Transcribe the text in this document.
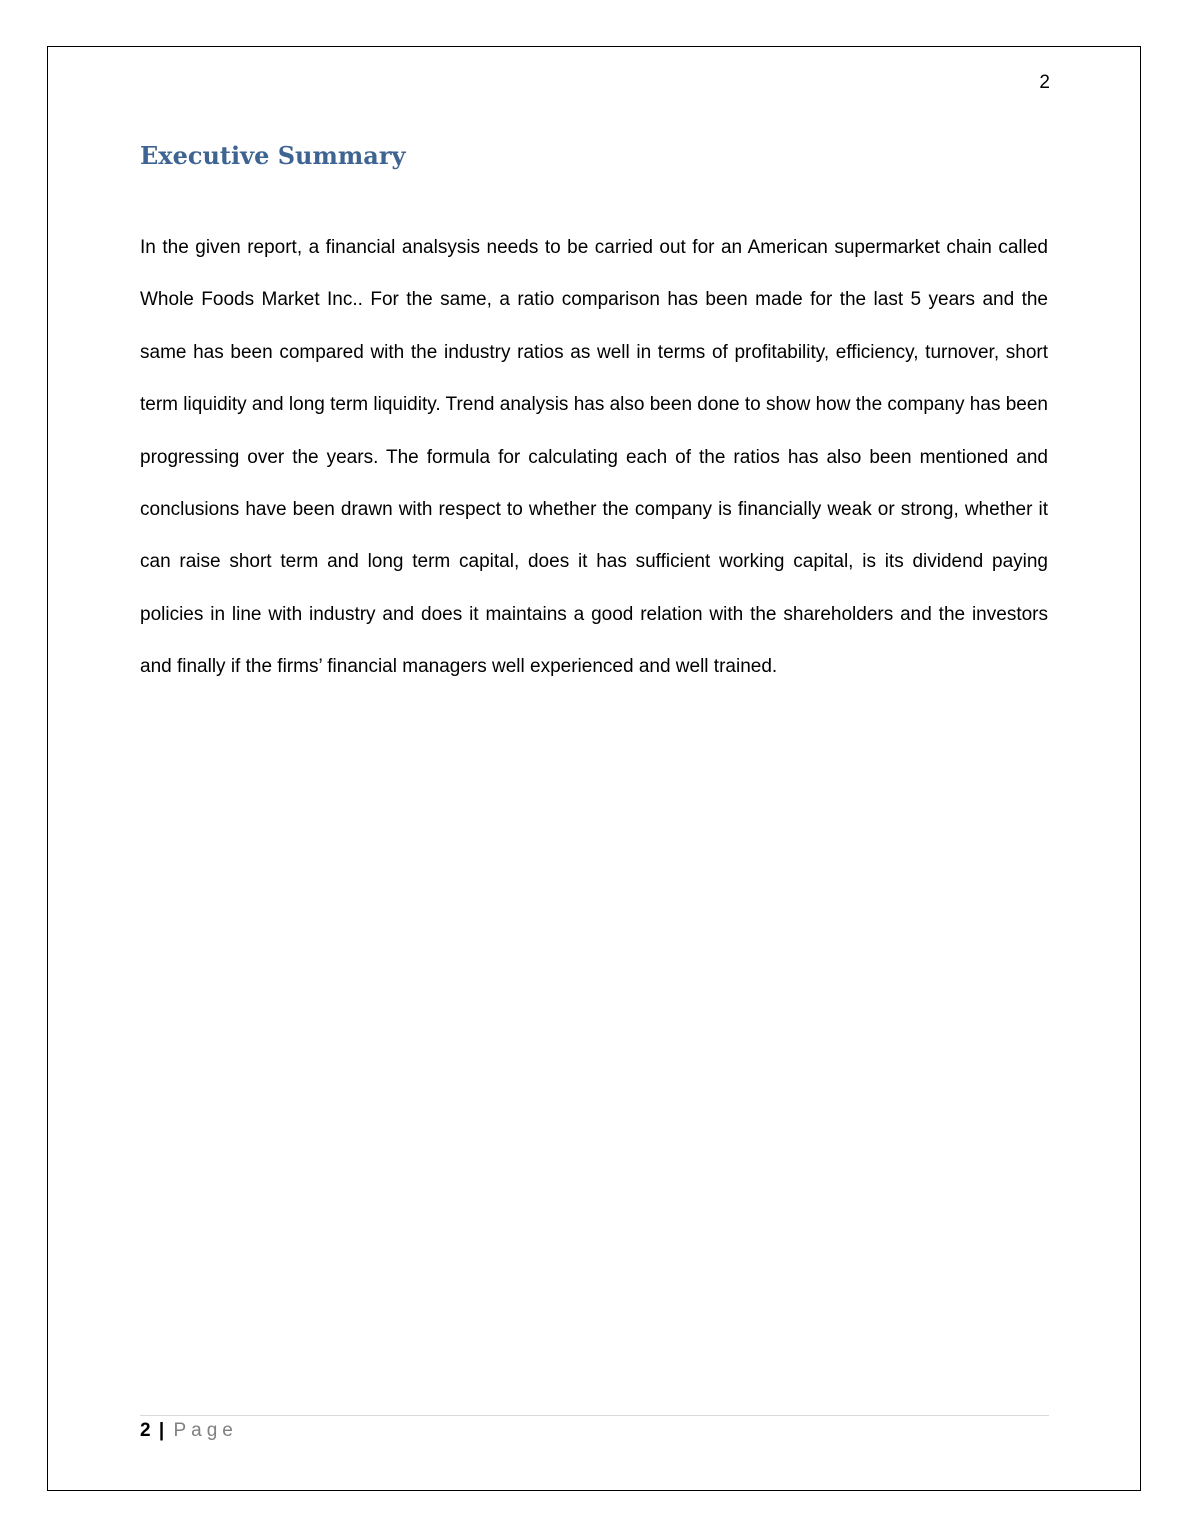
2
Executive Summary

In the given report, a financial analsysis needs to be carried out for an American supermarket chain called Whole Foods Market Inc.. For the same, a ratio comparison has been made for the last 5 years and the same has been compared with the industry ratios as well in terms of profitability, efficiency, turnover, short term liquidity and long term liquidity. Trend analysis has also been done to show how the company has been progressing over the years. The formula for calculating each of the ratios has also been mentioned and conclusions have been drawn with respect to whether the company is financially weak or strong, whether it can raise short term and long term capital, does it has sufficient working capital, is its dividend paying policies in line with industry and does it maintains a good relation with the shareholders and the investors and finally if the firms’ financial managers well experienced and well trained.

2 | Page
